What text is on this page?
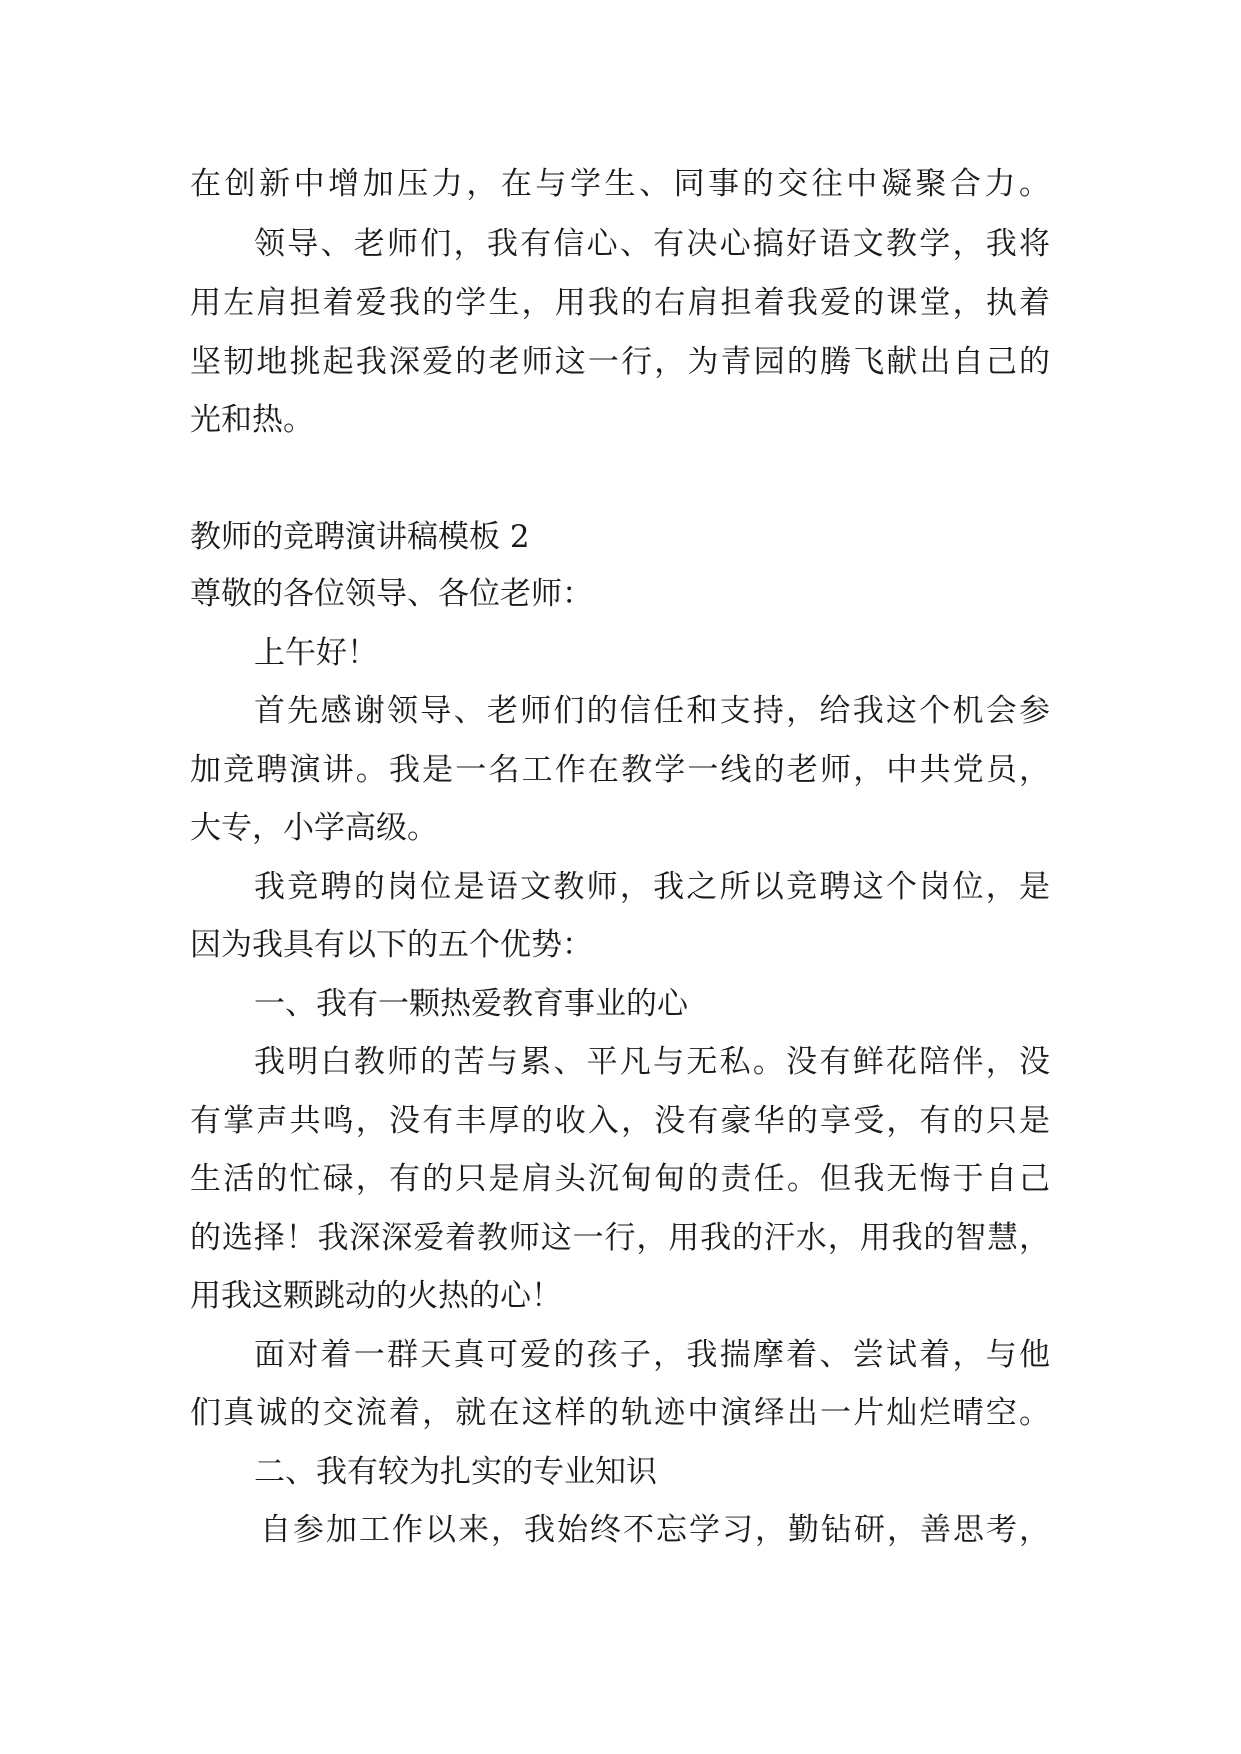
在创新中增加压力，在与学生、同事的交往中凝聚合力。

领导、老师们，我有信心、有决心搞好语文教学，我将

用左肩担着爱我的学生，用我的右肩担着我爱的课堂，执着

坚韧地挑起我深爱的老师这一行，为青园的腾飞献出自己的

光和热。

教师的竞聘演讲稿模板 2

尊敬的各位领导、各位老师：

上午好！

首先感谢领导、老师们的信任和支持，给我这个机会参

加竞聘演讲。我是一名工作在教学一线的老师，中共党员，

大专，小学高级。

我竞聘的岗位是语文教师，我之所以竞聘这个岗位，是

因为我具有以下的五个优势：

一、我有一颗热爱教育事业的心

我明白教师的苦与累、平凡与无私。没有鲜花陪伴，没

有掌声共鸣，没有丰厚的收入，没有豪华的享受，有的只是

生活的忙碌，有的只是肩头沉甸甸的责任。但我无悔于自己

的选择！我深深爱着教师这一行，用我的汗水，用我的智慧，

用我这颗跳动的火热的心！

面对着一群天真可爱的孩子，我揣摩着、尝试着，与他

们真诚的交流着，就在这样的轨迹中演绎出一片灿烂晴空。

二、我有较为扎实的专业知识

自参加工作以来，我始终不忘学习，勤钻研，善思考，
